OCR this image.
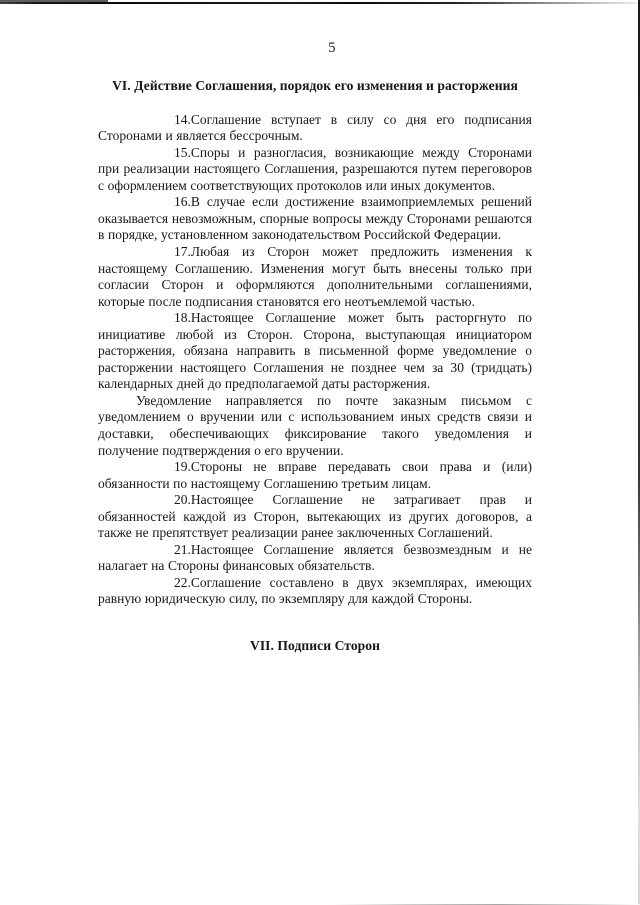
5
VI. Действие Соглашения, порядок его изменения и расторжения

14.Соглашение вступает в силу со дня его подписания Сторонами и является бессрочным.

15.Споры и разногласия, возникающие между Сторонами при реализации настоящего Соглашения, разрешаются путем переговоров с оформлением соответствующих протоколов или иных документов.

16.В случае если достижение взаимоприемлемых решений оказывается невозможным, спорные вопросы между Сторонами решаются в порядке, установленном законодательством Российской Федерации.

17.Любая из Сторон может предложить изменения к настоящему Соглашению. Изменения могут быть внесены только при согласии Сторон и оформляются дополнительными соглашениями, которые после подписания становятся его неотъемлемой частью.

18.Настоящее Соглашение может быть расторгнуто по инициативе любой из Сторон. Сторона, выступающая инициатором расторжения, обязана направить в письменной форме уведомление о расторжении настоящего Соглашения не позднее чем за 30 (тридцать) календарных дней до предполагаемой даты расторжения.

Уведомление направляется по почте заказным письмом с уведомлением о вручении или с использованием иных средств связи и доставки, обеспечивающих фиксирование такого уведомления и получение подтверждения о его вручении.

19.Стороны не вправе передавать свои права и (или) обязанности по настоящему Соглашению третьим лицам.

20.Настоящее Соглашение не затрагивает прав и обязанностей каждой из Сторон, вытекающих из других договоров, а также не препятствует реализации ранее заключенных Соглашений.

21.Настоящее Соглашение является безвозмездным и не налагает на Стороны финансовых обязательств.

22.Соглашение составлено в двух экземплярах, имеющих равную юридическую силу, по экземпляру для каждой Стороны.

VII. Подписи Сторон
